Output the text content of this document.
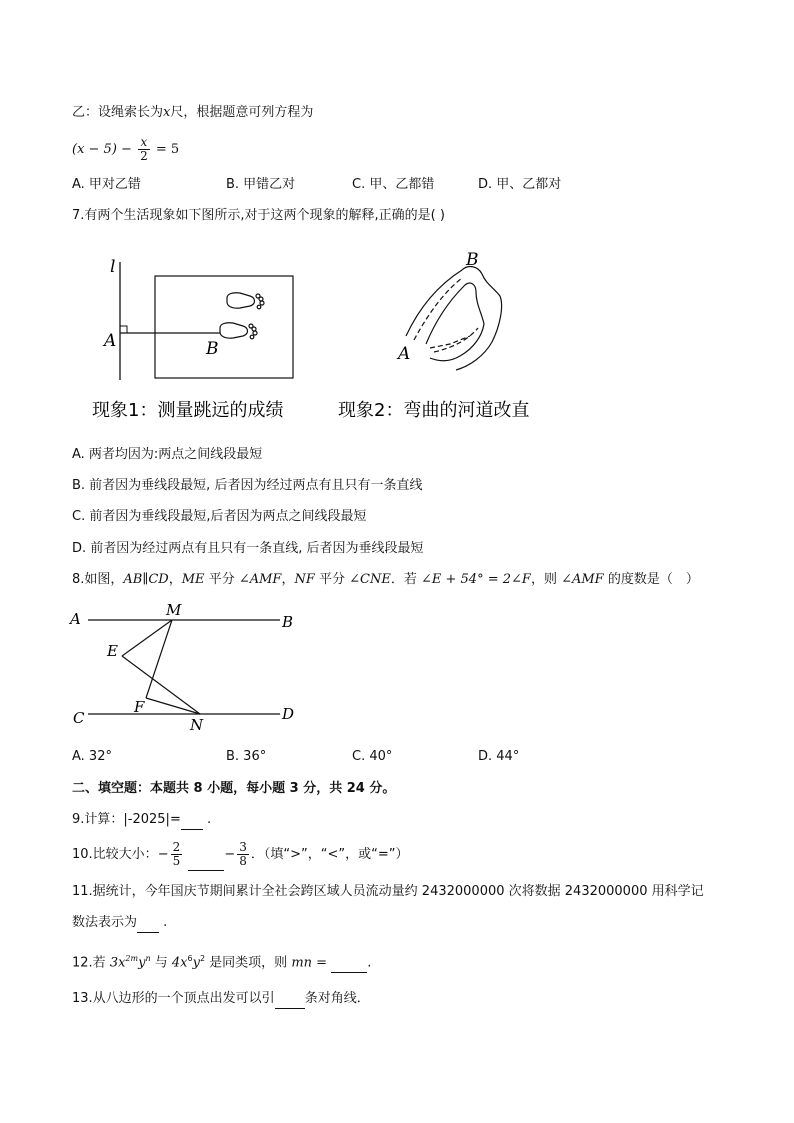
乙：设绳索长为x尺，根据题意可列方程为
$(x - 5) - \frac{x}{2} = 5$
A. 甲对乙错	B. 甲错乙对	C. 甲、乙都错	D. 甲、乙都对
7.有两个生活现象如下图所示,对于这两个现象的解释,正确的是( )
l
A	B
B
A
现象1：测量跳远的成绩	现象2：弯曲的河道改直
A. 两者均因为:两点之间线段最短
B. 前者因为垂线段最短, 后者因为经过两点有且只有一条直线
C. 前者因为垂线段最短,后者因为两点之间线段最短
D. 前者因为经过两点有且只有一条直线, 后者因为垂线段最短
8.如图，AB∥CD，ME 平分 ∠AMF，NF 平分 ∠CNE．若 ∠E + 54° = 2∠F，则 ∠AMF 的度数是（　）
A	B
C	D
M
E
F
N
A. 32°	B. 36°	C. 40°	D. 44°
二、填空题：本题共 8 小题，每小题 3 分，共 24 分。
9.计算：|-2025|= .
10.比较大小：− $\frac{2}{5}$	− $\frac{3}{8}$ ．（填“>”，“<”，或“=”）
11.据统计，今年国庆节期间累计全社会跨区域人员流动量约 2432000000 次将数据 2432000000 用科学记
数法表示为 .
12.若 $3x^{2m}y^n$ 与 $4x^6y^2$ 是同类项，则 mn =	.
13.从八边形的一个顶点出发可以引 条对角线．
